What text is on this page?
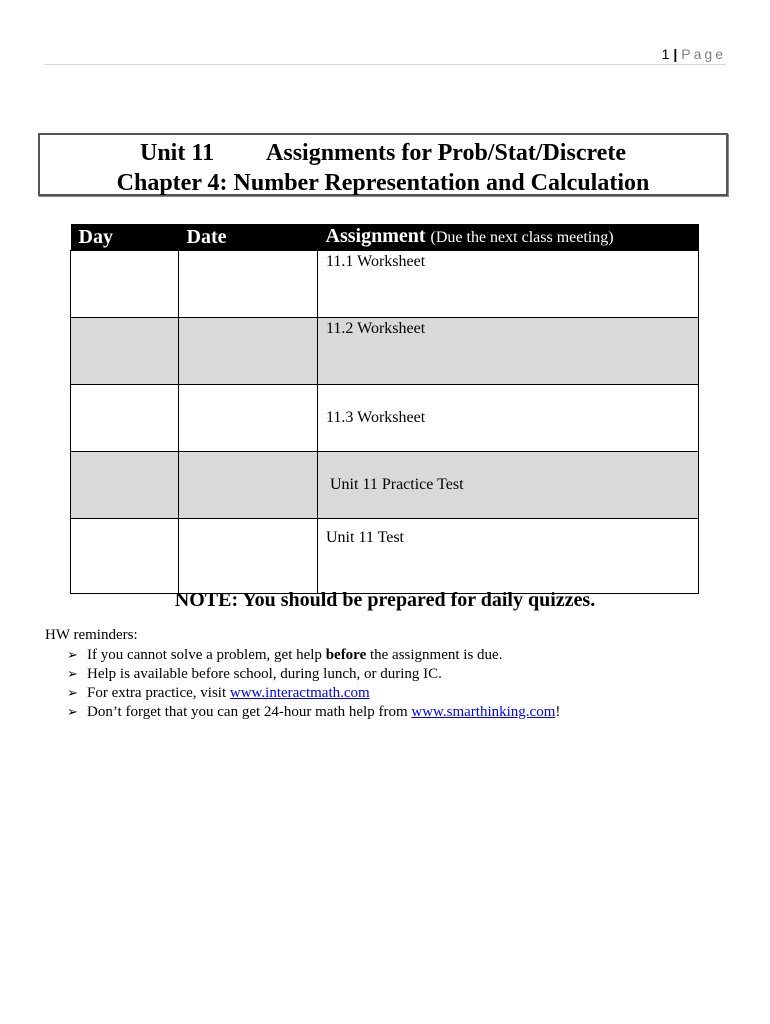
1 | Page
Unit 11 Assignments for Prob/Stat/Discrete
Chapter 4: Number Representation and Calculation
Day	Date	Assignment (Due the next class meeting)
		11.1 Worksheet
		11.2 Worksheet
		11.3 Worksheet
		Unit 11 Practice Test
		Unit 11 Test
NOTE: You should be prepared for daily quizzes.
HW reminders:
➢ If you cannot solve a problem, get help before the assignment is due.
➢ Help is available before school, during lunch, or during IC.
➢ For extra practice, visit www.interactmath.com
➢ Don’t forget that you can get 24-hour math help from www.smarthinking.com!
